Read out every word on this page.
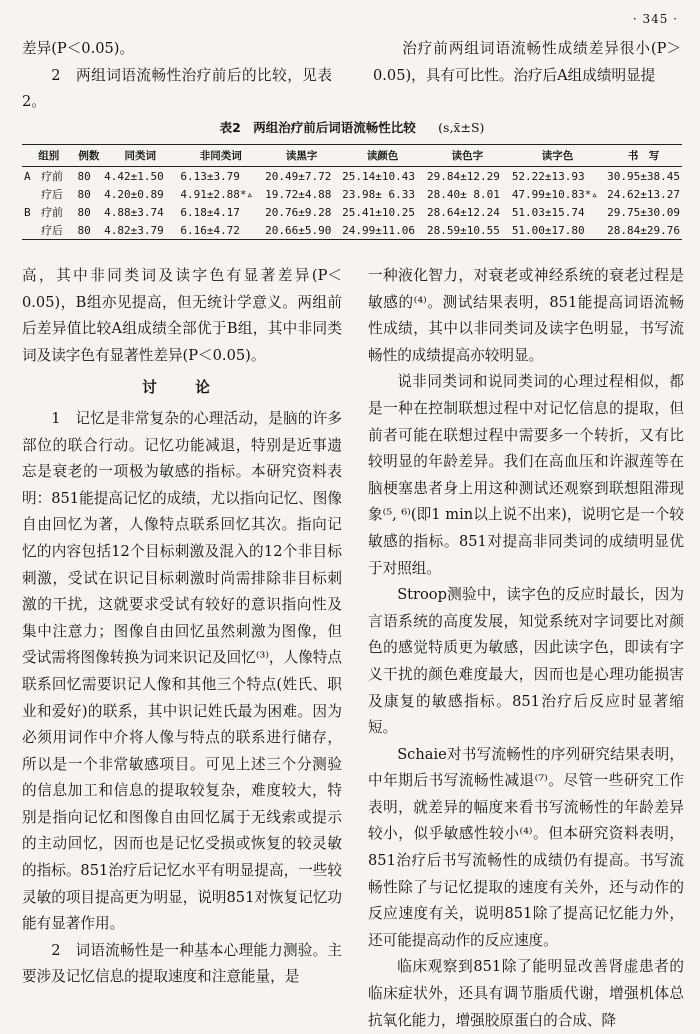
· 345 ·

差异(P＜0.05)。

2　两组词语流畅性治疗前后的比较，见表2。

治疗前两组词语流畅性成绩差异很小(P＞0.05)，具有可比性。治疗后A组成绩明显提

表2　两组治疗前后词语流畅性比较 (s,x̄±S)
组别		例数	同类词	非同类词	读黑字	读颜色	读色字	读字色	书　写
A	疗前	80	4.42±1.50	6.13±3.79	20.49±7.72	25.14±10.43	29.84±12.29	52.22±13.93	30.95±38.45
	疗后	80	4.20±0.89	4.91±2.88*▵	19.72±4.88	23.98± 6.33	28.40± 8.01	47.99±10.83*▵	24.62±13.27
B	疗前	80	4.88±3.74	6.18±4.17	20.76±9.28	25.41±10.25	28.64±12.24	51.03±15.74	29.75±30.09
	疗后	80	4.82±3.79	6.16±4.72	20.66±5.90	24.99±11.06	28.59±10.55	51.00±17.80	28.84±29.76

高，其中非同类词及读字色有显著差异(P＜0.05)，B组亦见提高，但无统计学意义。两组前后差异值比较A组成绩全部优于B组，其中非同类词及读字色有显著性差异(P＜0.05)。

讨　论

1　记忆是非常复杂的心理活动，是脑的许多部位的联合行动。记忆功能减退，特别是近事遗忘是衰老的一项极为敏感的指标。本研究资料表明：851能提高记忆的成绩，尤以指向记忆、图像自由回忆为著，人像特点联系回忆其次。指向记忆的内容包括12个目标刺激及混入的12个非目标刺激，受试在识记目标刺激时尚需排除非目标刺激的干扰，这就要求受试有较好的意识指向性及集中注意力；图像自由回忆虽然刺激为图像，但受试需将图像转换为词来识记及回忆⁽³⁾，人像特点联系回忆需要识记人像和其他三个特点(姓氏、职业和爱好)的联系，其中识记姓氏最为困难。因为必须用词作中介将人像与特点的联系进行储存，所以是一个非常敏感项目。可见上述三个分测验的信息加工和信息的提取较复杂，难度较大，特别是指向记忆和图像自由回忆属于无线索或提示的主动回忆，因而也是记忆受损或恢复的较灵敏的指标。851治疗后记忆水平有明显提高，一些较灵敏的项目提高更为明显，说明851对恢复记忆功能有显著作用。

2　词语流畅性是一种基本心理能力测验。主要涉及记忆信息的提取速度和注意能量，是

一种液化智力，对衰老或神经系统的衰老过程是敏感的⁽⁴⁾。测试结果表明，851能提高词语流畅性成绩，其中以非同类词及读字色明显，书写流畅性的成绩提高亦较明显。

说非同类词和说同类词的心理过程相似，都是一种在控制联想过程中对记忆信息的提取，但前者可能在联想过程中需要多一个转折，又有比较明显的年龄差异。我们在高血压和许淑莲等在脑梗塞患者身上用这种测试还观察到联想阻滞现象⁽⁵, ⁶⁾(即1 min以上说不出来)，说明它是一个较敏感的指标。851对提高非同类词的成绩明显优于对照组。

Stroop测验中，读字色的反应时最长，因为言语系统的高度发展，知觉系统对字词要比对颜色的感觉特质更为敏感，因此读字色，即读有字义干扰的颜色难度最大，因而也是心理功能损害及康复的敏感指标。851治疗后反应时显著缩短。

Schaie对书写流畅性的序列研究结果表明，中年期后书写流畅性减退⁽⁷⁾。尽管一些研究工作表明，就差异的幅度来看书写流畅性的年龄差异较小，似乎敏感性较小⁽⁴⁾。但本研究资料表明，851治疗后书写流畅性的成绩仍有提高。书写流畅性除了与记忆提取的速度有关外，还与动作的反应速度有关，说明851除了提高记忆能力外，还可能提高动作的反应速度。

临床观察到851除了能明显改善肾虚患者的临床症状外，还具有调节脂质代谢，增强机体总抗氧化能力，增强胶原蛋白的合成、降
